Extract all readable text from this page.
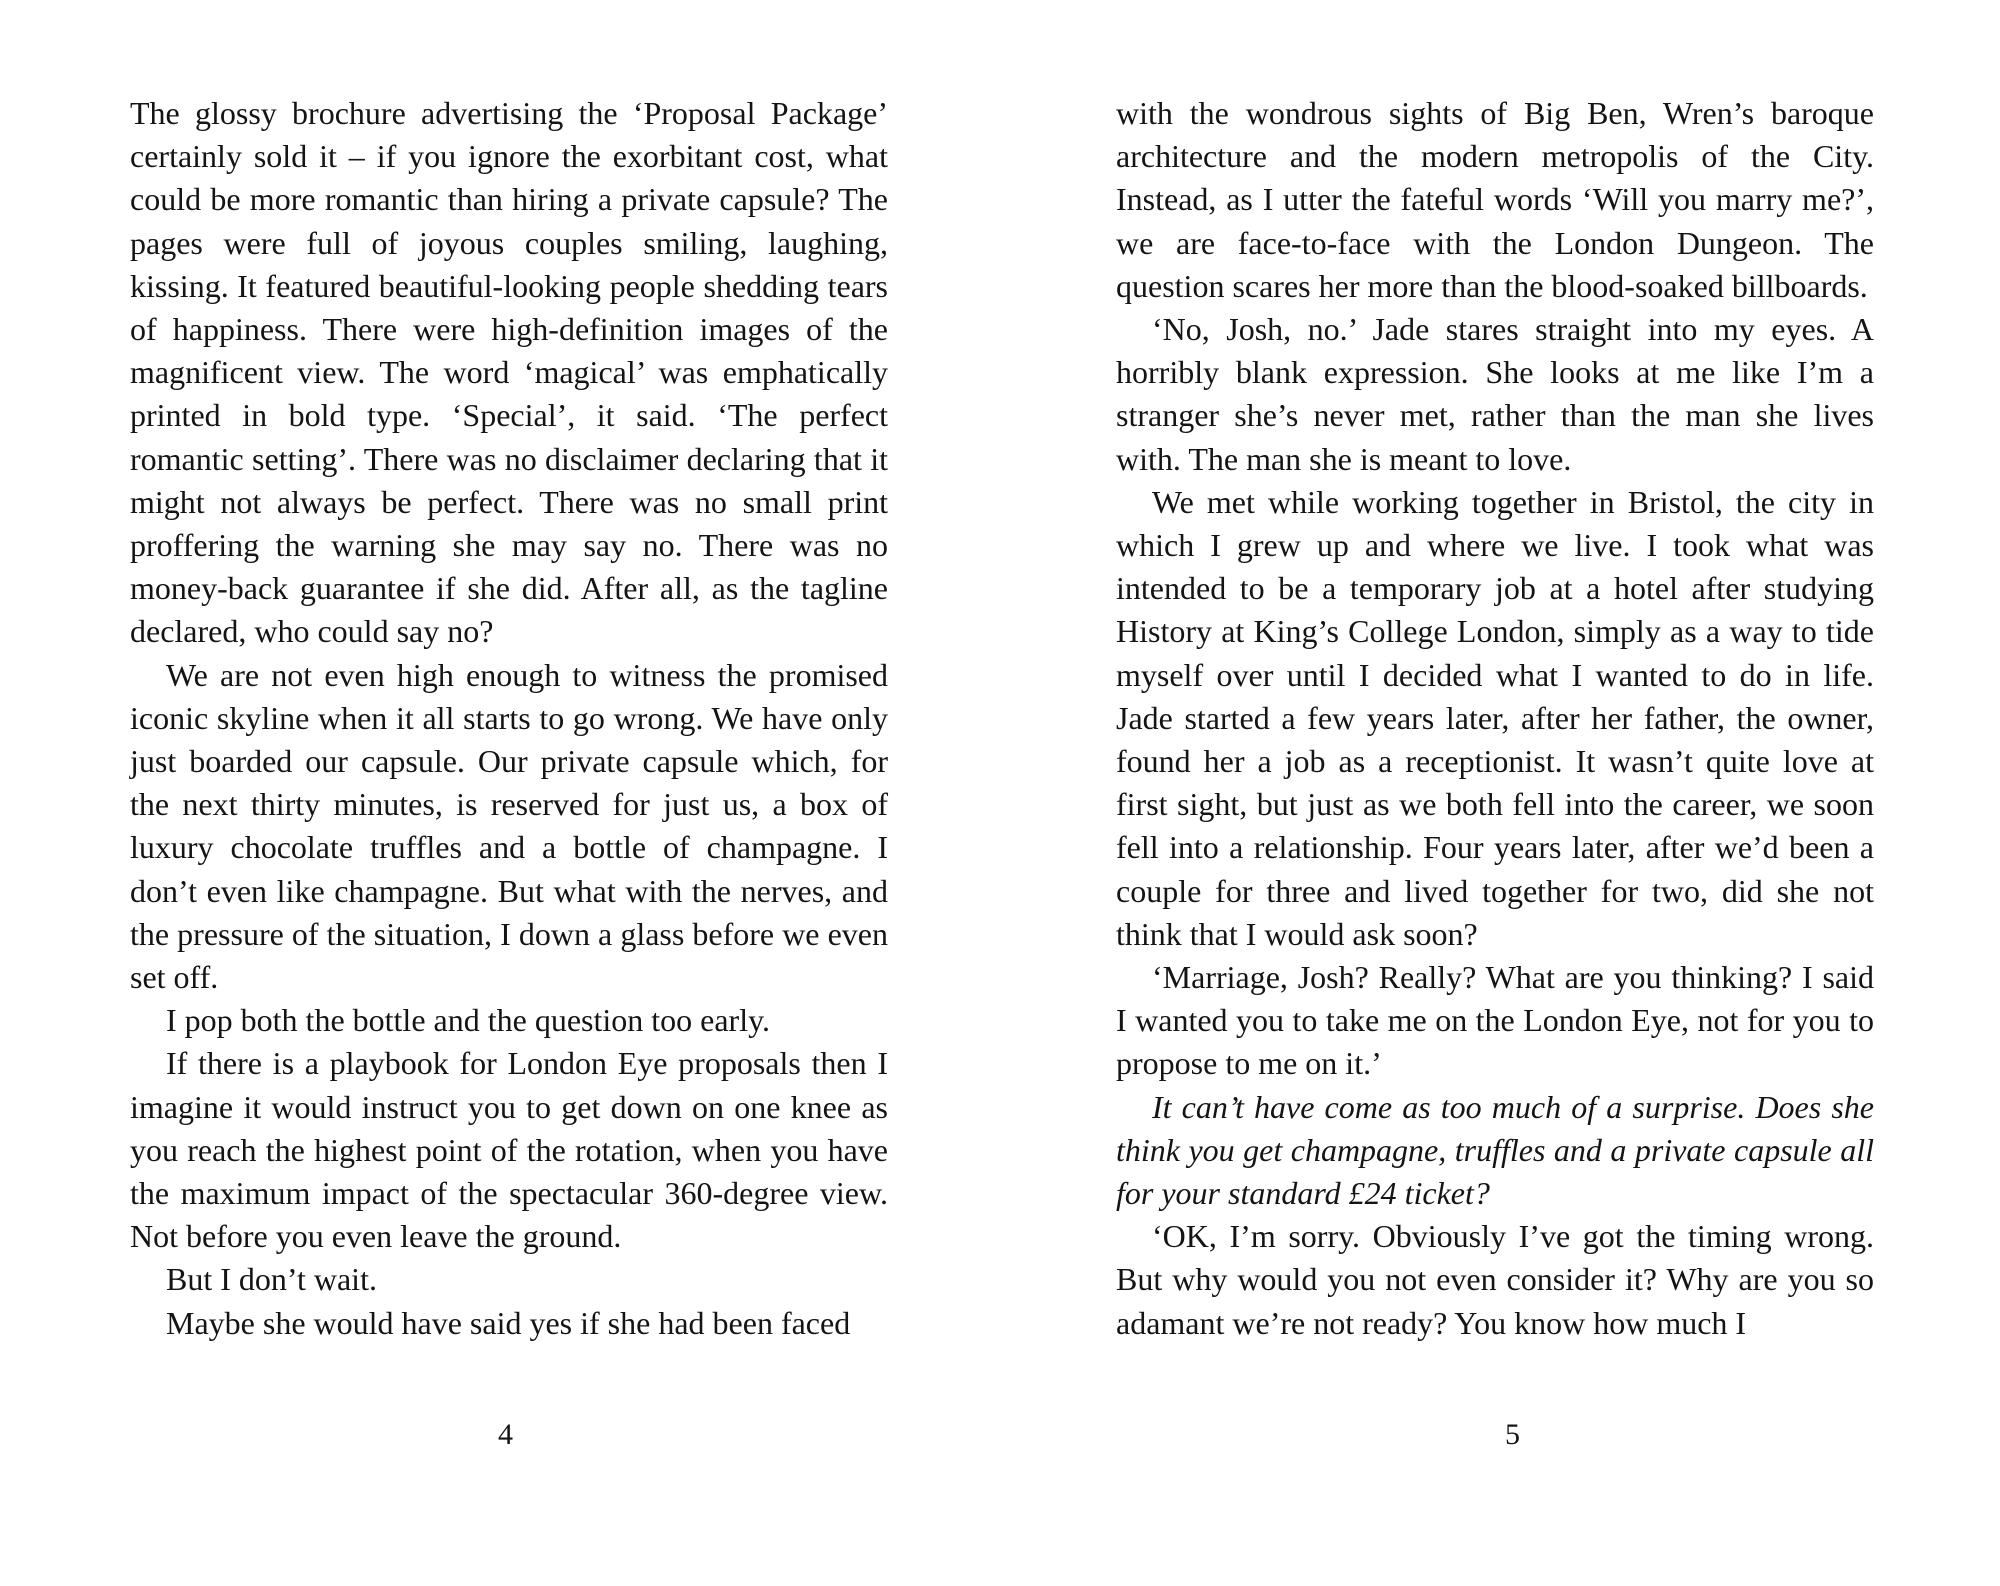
The glossy brochure advertising the ‘Proposal Package’ certainly sold it – if you ignore the exorbitant cost, what could be more romantic than hiring a private capsule? The pages were full of joyous couples smiling, laughing, kissing. It featured beautiful-looking people shedding tears of happiness. There were high-definition images of the magnificent view. The word ‘magical’ was emphatically printed in bold type. ‘Special’, it said. ‘The perfect romantic setting’. There was no disclaimer declaring that it might not always be perfect. There was no small print proffering the warning she may say no. There was no money-back guarantee if she did. After all, as the tagline declared, who could say no?

We are not even high enough to witness the promised iconic skyline when it all starts to go wrong. We have only just boarded our capsule. Our private capsule which, for the next thirty minutes, is reserved for just us, a box of luxury chocolate truffles and a bottle of champagne. I don’t even like champagne. But what with the nerves, and the pressure of the situation, I down a glass before we even set off.

I pop both the bottle and the question too early.

If there is a playbook for London Eye proposals then I imagine it would instruct you to get down on one knee as you reach the highest point of the rotation, when you have the maximum impact of the spectacular 360-degree view. Not before you even leave the ground.

But I don’t wait.

Maybe she would have said yes if she had been faced

4

with the wondrous sights of Big Ben, Wren’s baroque architecture and the modern metropolis of the City. Instead, as I utter the fateful words ‘Will you marry me?’, we are face-to-face with the London Dungeon. The question scares her more than the blood-soaked billboards.

‘No, Josh, no.’ Jade stares straight into my eyes. A horribly blank expression. She looks at me like I’m a stranger she’s never met, rather than the man she lives with. The man she is meant to love.

We met while working together in Bristol, the city in which I grew up and where we live. I took what was intended to be a temporary job at a hotel after studying History at King’s College London, simply as a way to tide myself over until I decided what I wanted to do in life. Jade started a few years later, after her father, the owner, found her a job as a receptionist. It wasn’t quite love at first sight, but just as we both fell into the career, we soon fell into a relationship. Four years later, after we’d been a couple for three and lived together for two, did she not think that I would ask soon?

‘Marriage, Josh? Really? What are you thinking? I said I wanted you to take me on the London Eye, not for you to propose to me on it.’

It can’t have come as too much of a surprise. Does she think you get champagne, truffles and a private capsule all for your standard £24 ticket?

‘OK, I’m sorry. Obviously I’ve got the timing wrong. But why would you not even consider it? Why are you so adamant we’re not ready? You know how much I

5
